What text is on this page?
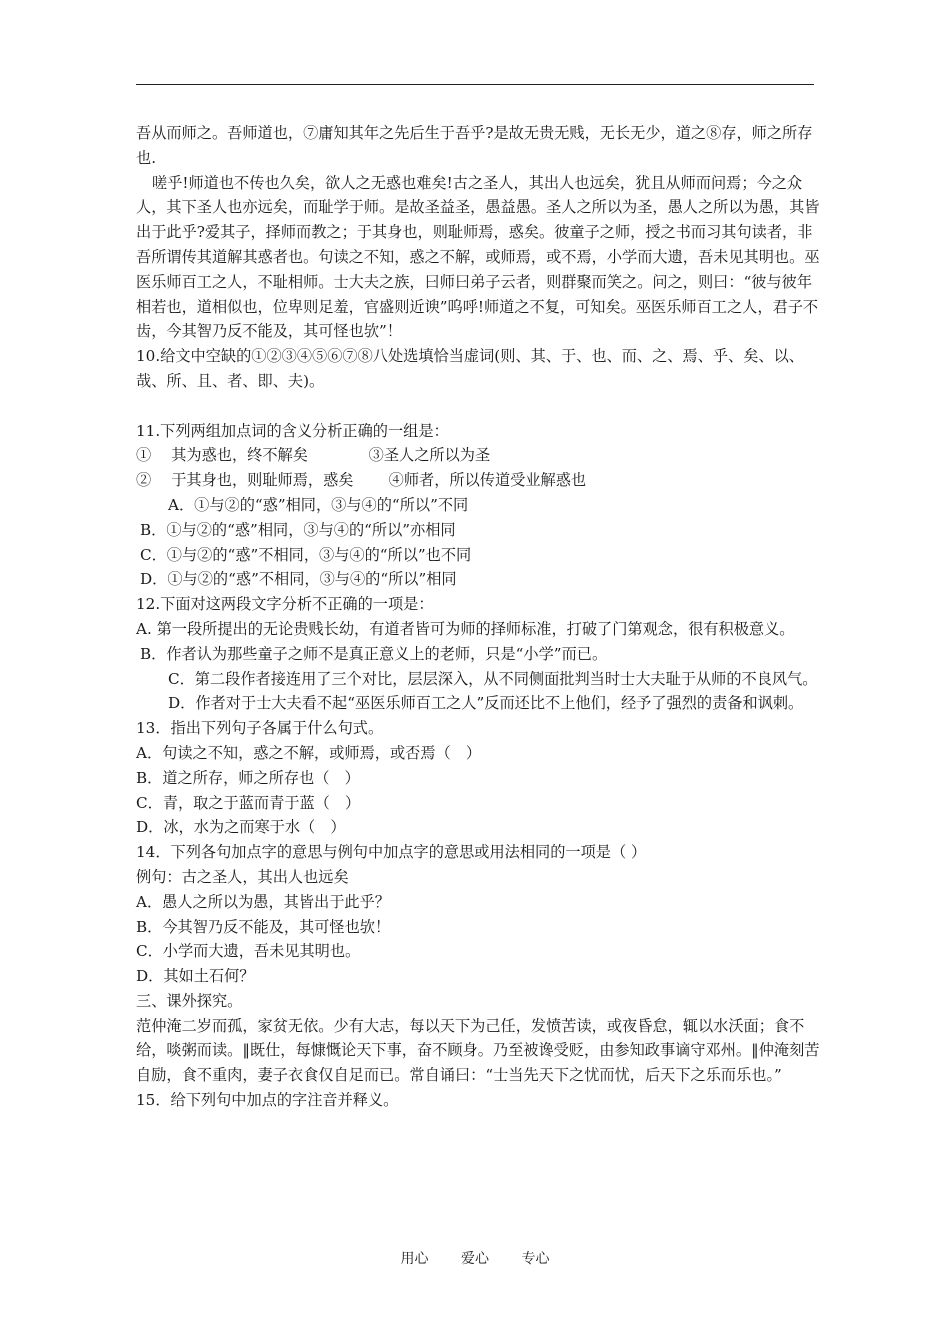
吾从而师之。吾师道也，⑦庸知其年之先后生于吾乎?是故无贵无贱，无长无少，道之⑧存，师之所存也.

嗟乎!师道也不传也久矣，欲人之无惑也难矣!古之圣人，其出人也远矣，犹且从师而问焉；今之众人，其下圣人也亦远矣，而耻学于师。是故圣益圣，愚益愚。圣人之所以为圣，愚人之所以为愚，其皆出于此乎?爱其子，择师而教之；于其身也，则耻师焉，惑矣。彼童子之师，授之书而习其句读者，非吾所谓传其道解其惑者也。句读之不知，惑之不解，或师焉，或不焉，小学而大遗，吾未见其明也。巫医乐师百工之人，不耻相师。士大夫之族，曰师曰弟子云者，则群聚而笑之。问之，则曰：“彼与彼年相若也，道相似也，位卑则足羞，官盛则近谀”呜呼!师道之不复，可知矣。巫医乐师百工之人，君子不齿，今其智乃反不能及，其可怪也欤”！

10.给文中空缺的①②③④⑤⑥⑦⑧八处选填恰当虚词(则、其、于、也、而、之、焉、乎、矣、以、哉、所、且、者、即、夫)。

11.下列两组加点词的含义分析正确的一组是：

①　 其为惑也，终不解矣　　　　③圣人之所以为圣

②　 于其身也，则耻师焉，惑矣　　 ④师者，所以传道受业解惑也

A．①与②的“惑”相同，③与④的“所以”不同

B．①与②的“惑”相同，③与④的“所以”亦相同

C．①与②的“惑”不相同，③与④的“所以”也不同

D．①与②的“惑”不相同，③与④的“所以”相同

12.下面对这两段文字分析不正确的一项是：

A. 第一段所提出的无论贵贱长幼，有道者皆可为师的择师标准，打破了门第观念，很有积极意义。

B．作者认为那些童子之师不是真正意义上的老师，只是“小学”而已。

C．第二段作者接连用了三个对比，层层深入，从不同侧面批判当时士大夫耻于从师的不良风气。

D．作者对于士大夫看不起“巫医乐师百工之人”反而还比不上他们，经予了强烈的责备和讽刺。

13．指出下列句子各属于什么句式。

A．句读之不知，惑之不解，或师焉，或否焉（　）

B．道之所存，师之所存也（　）

C．青，取之于蓝而青于蓝（　）

D．冰，水为之而寒于水（　）

14．下列各句加点字的意思与例句中加点字的意思或用法相同的一项是（ ）

例句：古之圣人，其出人也远矣

A．愚人之所以为愚，其皆出于此乎？

B．今其智乃反不能及，其可怪也欤！

C．小学而大遗，吾未见其明也。

D．其如土石何？

三、课外探究。

范仲淹二岁而孤，家贫无依。少有大志，每以天下为己任，发愤苦读，或夜昏怠，辄以水沃面；食不给，啖粥而读。‖既仕，每慷慨论天下事，奋不顾身。乃至被谗受贬，由参知政事谪守邓州。‖仲淹刻苦自励，食不重肉，妻子衣食仅自足而已。常自诵曰：“士当先天下之忧而忧，后天下之乐而乐也。”

15．给下列句中加点的字注音并释义。

用心 爱心 专心
